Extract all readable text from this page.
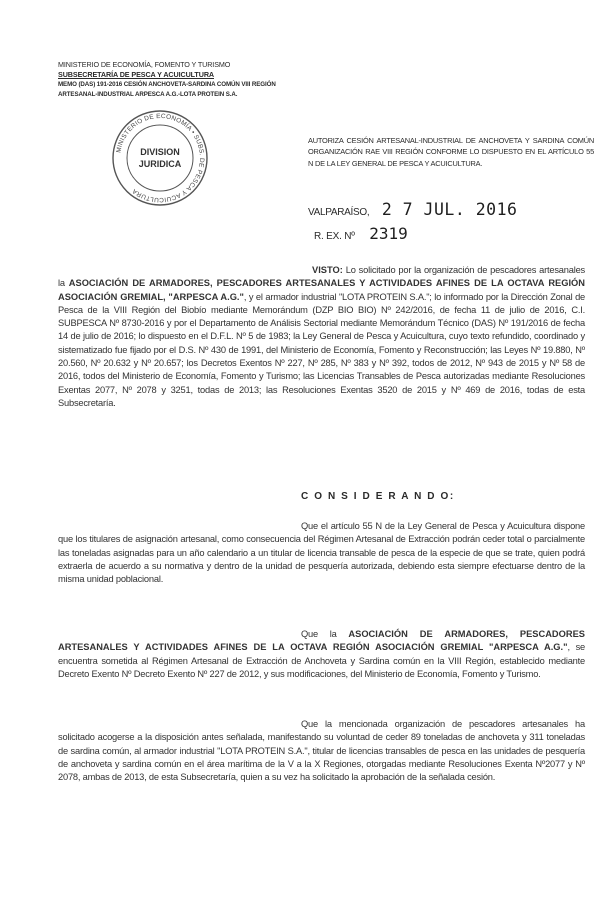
MINISTERIO DE ECONOMÍA, FOMENTO Y TURISMO
SUBSECRETARÍA DE PESCA Y ACUICULTURA
MEMO (DAS) 191-2016 CESIÓN ANCHOVETA-SARDINA COMÚN VIII REGIÓN
ARTESANAL-INDUSTRIAL ARPESCA A.G.-LOTA PROTEIN S.A.
MINISTERIO DE ECONOMÍA • SUBS. DE PESCA Y ACUICULTURA
DIVISION
JURIDICA
AUTORIZA CESIÓN ARTESANAL-INDUSTRIAL DE ANCHOVETA Y SARDINA COMÚN ORGANIZACIÓN RAE VIII REGIÓN CONFORME LO DISPUESTO EN EL ARTÍCULO 55 N DE LA LEY GENERAL DE PESCA Y ACUICULTURA.
VALPARAÍSO, 2 7 JUL. 2016
R. EX. Nº 2319
VISTO: Lo solicitado por la organización de pescadores artesanales la ASOCIACIÓN DE ARMADORES, PESCADORES ARTESANALES Y ACTIVIDADES AFINES DE LA OCTAVA REGIÓN ASOCIACIÓN GREMIAL, "ARPESCA A.G.", y el armador industrial "LOTA PROTEIN S.A."; lo informado por la Dirección Zonal de Pesca de la VIII Región del Biobío mediante Memorándum (DZP BIO BIO) Nº 242/2016, de fecha 11 de julio de 2016, C.I. SUBPESCA Nº 8730-2016 y por el Departamento de Análisis Sectorial mediante Memorándum Técnico (DAS) Nº 191/2016 de fecha 14 de julio de 2016; lo dispuesto en el D.F.L. Nº 5 de 1983; la Ley General de Pesca y Acuicultura, cuyo texto refundido, coordinado y sistematizado fue fijado por el D.S. Nº 430 de 1991, del Ministerio de Economía, Fomento y Reconstrucción; las Leyes Nº 19.880, Nº 20.560, Nº 20.632 y Nº 20.657; los Decretos Exentos Nº 227, Nº 285, Nº 383 y Nº 392, todos de 2012, Nº 943 de 2015 y Nº 58 de 2016, todos del Ministerio de Economía, Fomento y Turismo; las Licencias Transables de Pesca autorizadas mediante Resoluciones Exentas 2077, Nº 2078 y 3251, todas de 2013; las Resoluciones Exentas 3520 de 2015 y Nº 469 de 2016, todas de esta Subsecretaría.
C O N S I D E R A N D O:
Que el artículo 55 N de la Ley General de Pesca y Acuicultura dispone que los titulares de asignación artesanal, como consecuencia del Régimen Artesanal de Extracción podrán ceder total o parcialmente las toneladas asignadas para un año calendario a un titular de licencia transable de pesca de la especie de que se trate, quien podrá extraerla de acuerdo a su normativa y dentro de la unidad de pesquería autorizada, debiendo esta siempre efectuarse dentro de la misma unidad poblacional.
Que la ASOCIACIÓN DE ARMADORES, PESCADORES ARTESANALES Y ACTIVIDADES AFINES DE LA OCTAVA REGIÓN ASOCIACIÓN GREMIAL "ARPESCA A.G.", se encuentra sometida al Régimen Artesanal de Extracción de Anchoveta y Sardina común en la VIII Región, establecido mediante Decreto Exento Nº Decreto Exento Nº 227 de 2012, y sus modificaciones, del Ministerio de Economía, Fomento y Turismo.
Que la mencionada organización de pescadores artesanales ha solicitado acogerse a la disposición antes señalada, manifestando su voluntad de ceder 89 toneladas de anchoveta y 311 toneladas de sardina común, al armador industrial "LOTA PROTEIN S.A.", titular de licencias transables de pesca en las unidades de pesquería de anchoveta y sardina común en el área marítima de la V a la X Regiones, otorgadas mediante Resoluciones Exenta Nº2077 y Nº 2078, ambas de 2013, de esta Subsecretaría, quien a su vez ha solicitado la aprobación de la señalada cesión.
